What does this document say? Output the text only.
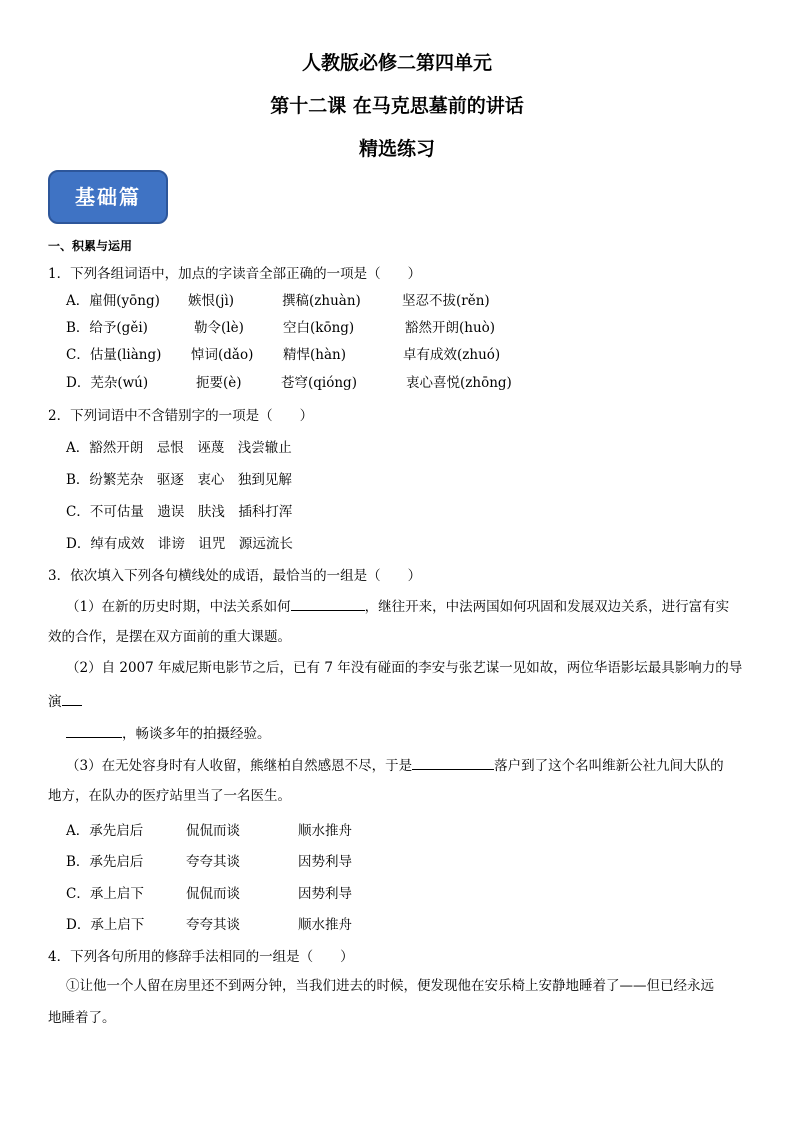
人教版必修二第四单元
第十二课 在马克思墓前的讲话
精选练习
基础篇
一、积累与运用
1．下列各组词语中，加点的字读音全部正确的一项是（　　）
A．雇佣(yōng) 嫉恨(jì)	撰稿(zhuàn)	坚忍不拔(rěn)
B．给予(gěi)	勒令(lè)	空白(kōng)	豁然开朗(huò)
C．估量(liàng) 悼词(dǎo) 精悍(hàn)	卓有成效(zhuó)
D．芜杂(wú)	扼要(è)	苍穹(qióng)	衷心喜悦(zhōng)
2．下列词语中不含错别字的一项是（　　）
A．豁然开朗　忌恨　诬蔑　浅尝辙止
B．纷繁芜杂　驱逐　衷心　独到见解
C．不可估量　遗误　肤浅　插科打浑
D．绰有成效　诽谤　诅咒　源远流长
3．依次填入下列各句横线处的成语，最恰当的一组是（　　）
（1）在新的历史时期，中法关系如何	，继往开来，中法两国如何巩固和发展双边关系，进行富有实
效的合作，是摆在双方面前的重大课题。
（2）自 2007 年威尼斯电影节之后，已有 7 年没有碰面的李安与张艺谋一见如故，两位华语影坛最具影响力的导
演
，畅谈多年的拍摄经验。
（3）在无处容身时有人收留，熊继柏自然感恩不尽，于是	落户到了这个名叫维新公社九间大队的
地方，在队办的医疗站里当了一名医生。
A．承先启后	侃侃而谈	顺水推舟
B．承先启后	夸夸其谈	因势利导
C．承上启下	侃侃而谈	因势利导
D．承上启下	夸夸其谈	顺水推舟
4．下列各句所用的修辞手法相同的一组是（　　）
①让他一个人留在房里还不到两分钟，当我们进去的时候，便发现他在安乐椅上安静地睡着了——但已经永远
地睡着了。
